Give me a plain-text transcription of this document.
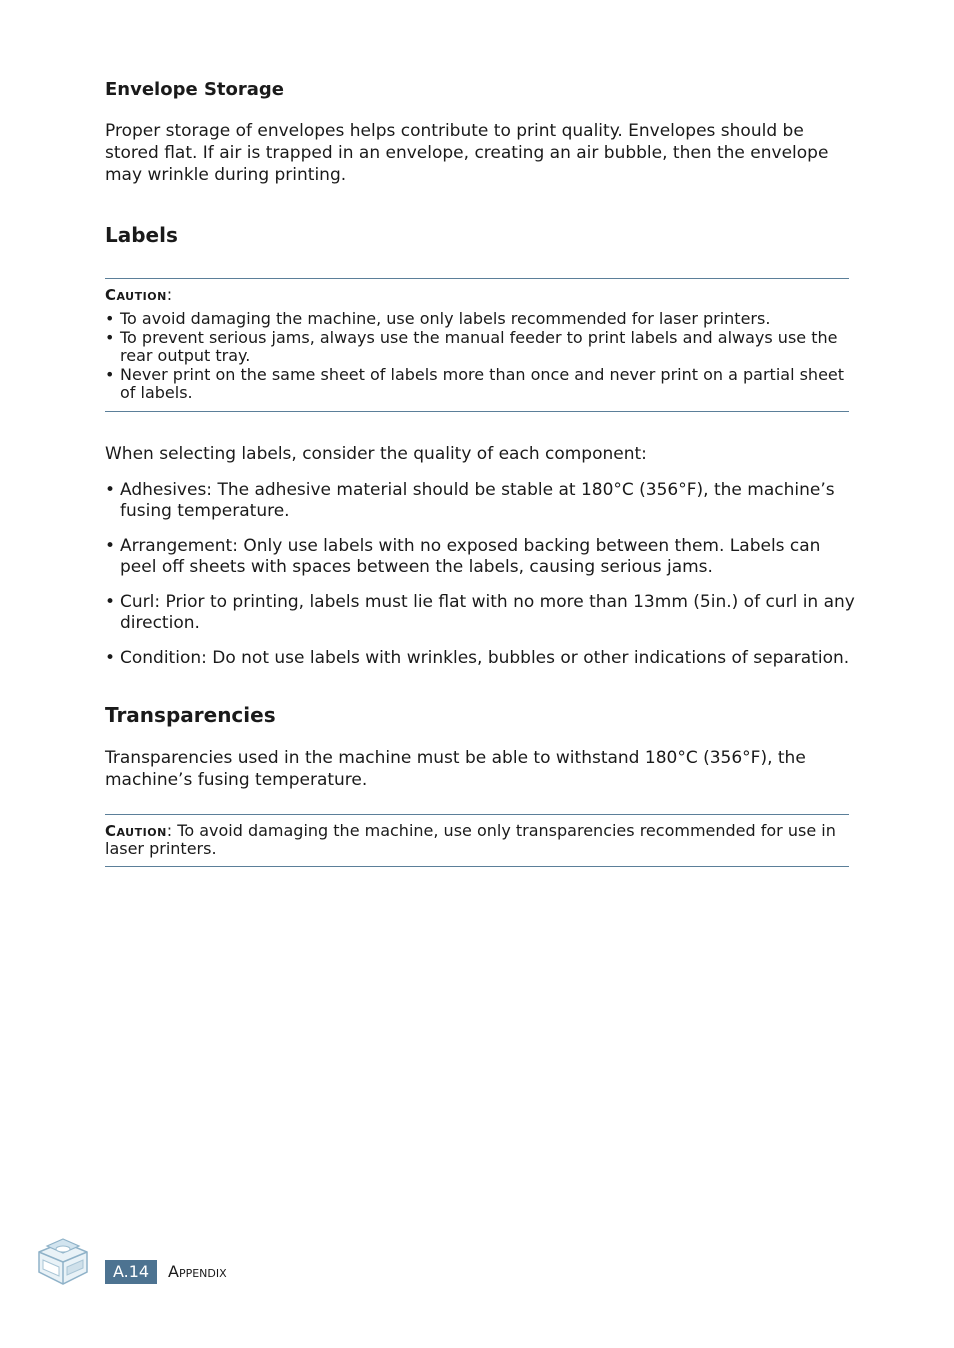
Envelope Storage

Proper storage of envelopes helps contribute to print quality. Envelopes should be stored flat. If air is trapped in an envelope, creating an air bubble, then the envelope may wrinkle during printing.

Labels
Caution:
• To avoid damaging the machine, use only labels recommended for laser printers.
• To prevent serious jams, always use the manual feeder to print labels and always use the rear output tray.
• Never print on the same sheet of labels more than once and never print on a partial sheet of labels.

When selecting labels, consider the quality of each component:

• Adhesives: The adhesive material should be stable at 180°C (356°F), the machine’s fusing temperature.
• Arrangement: Only use labels with no exposed backing between them. Labels can peel off sheets with spaces between the labels, causing serious jams.
• Curl: Prior to printing, labels must lie flat with no more than 13mm (5in.) of curl in any direction.
• Condition: Do not use labels with wrinkles, bubbles or other indications of separation.
Transparencies

Transparencies used in the machine must be able to withstand 180°C (356°F), the machine’s fusing temperature.

Caution: To avoid damaging the machine, use only transparencies recommended for use in laser printers.

A.14	Appendix
